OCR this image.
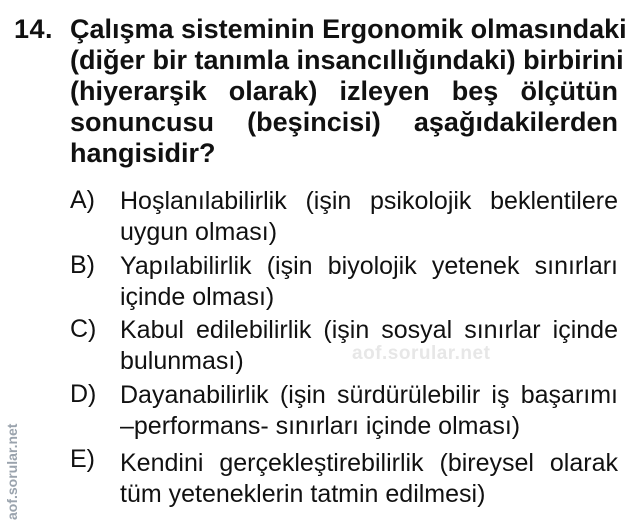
14. Çalışma sisteminin Ergonomik olmasındaki
(diğer bir tanımla insancıllığındaki) birbirini
(hiyerarşik olarak) izleyen beş ölçütün
sonuncusu (beşincisi) aşağıdakilerden
hangisidir?
A) Hoşlanılabilirlik (işin psikolojik beklentilere
uygun olması)
B) Yapılabilirlik (işin biyolojik yetenek sınırları
içinde olması)
C) Kabul edilebilirlik (işin sosyal sınırlar içinde
bulunması)
D) Dayanabilirlik (işin sürdürülebilir iş başarımı
–performans- sınırları içinde olması)
E) Kendini gerçekleştirebilirlik (bireysel olarak
tüm yeteneklerin tatmin edilmesi)
aof.sorular.net
aof.sorular.net
